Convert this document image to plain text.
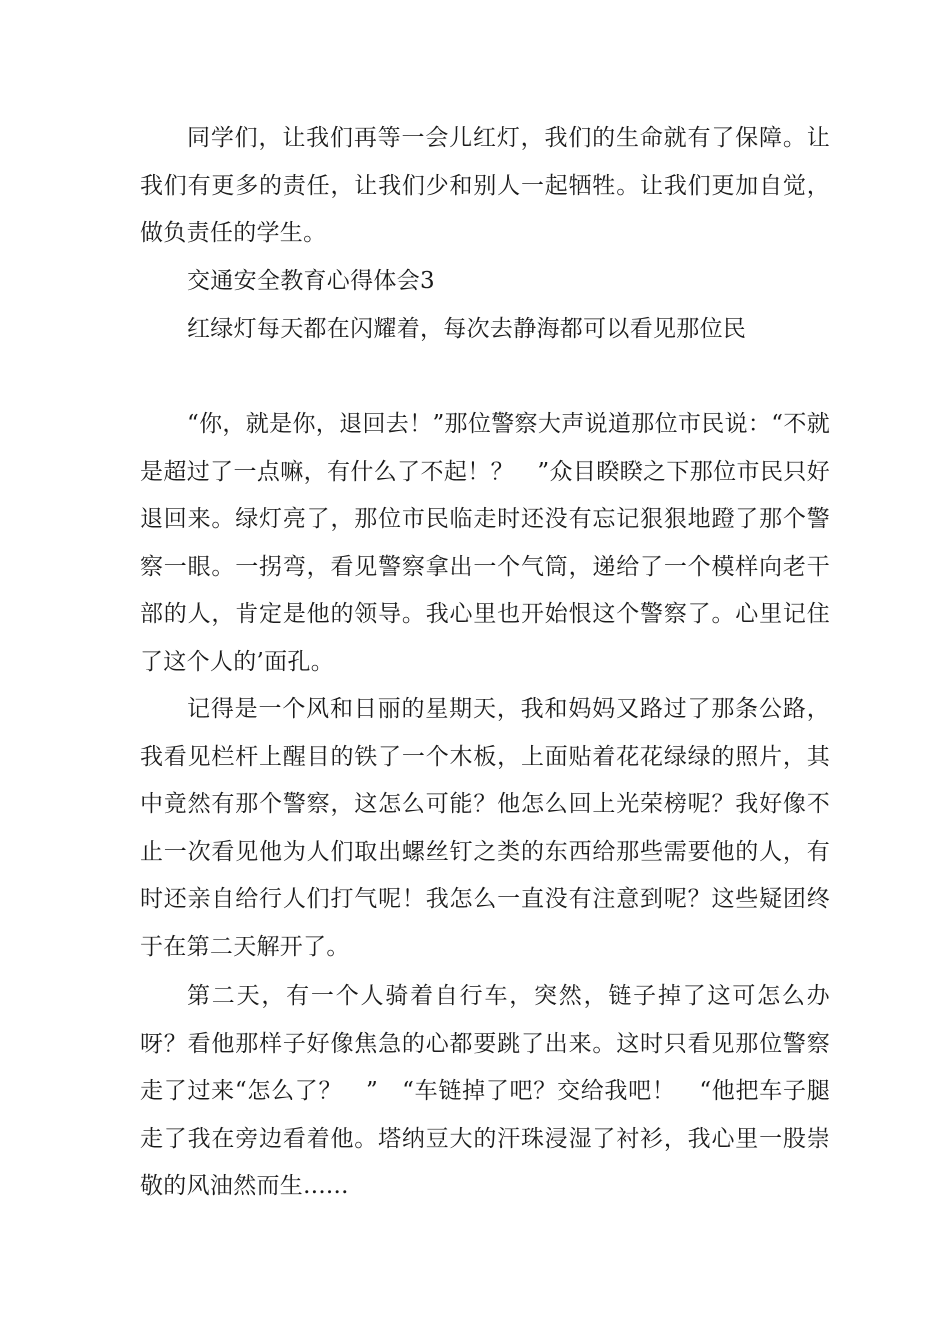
同学们，让我们再等一会儿红灯，我们的生命就有了保障。让我们有更多的责任，让我们少和别人一起牺牲。让我们更加自觉，做负责任的学生。

交通安全教育心得体会3

红绿灯每天都在闪耀着，每次去静海都可以看见那位民

“你，就是你，退回去！”那位警察大声说道那位市民说：“不就是超过了一点嘛，有什么了不起！？　”众目睽睽之下那位市民只好退回来。绿灯亮了，那位市民临走时还没有忘记狠狠地蹬了那个警察一眼。一拐弯，看见警察拿出一个气筒，递给了一个模样向老干部的人，肯定是他的领导。我心里也开始恨这个警察了。心里记住了这个人的’面孔。

记得是一个风和日丽的星期天，我和妈妈又路过了那条公路，我看见栏杆上醒目的铁了一个木板，上面贴着花花绿绿的照片，其中竟然有那个警察，这怎么可能？他怎么回上光荣榜呢？我好像不止一次看见他为人们取出螺丝钉之类的东西给那些需要他的人，有时还亲自给行人们打气呢！我怎么一直没有注意到呢？这些疑团终于在第二天解开了。

第二天，有一个人骑着自行车，突然，链子掉了这可怎么办呀？看他那样子好像焦急的心都要跳了出来。这时只看见那位警察走了过来“怎么了？　”　“车链掉了吧？交给我吧！　“他把车子腿走了我在旁边看着他。塔纳豆大的汗珠浸湿了衬衫，我心里一股崇敬的风油然而生......
